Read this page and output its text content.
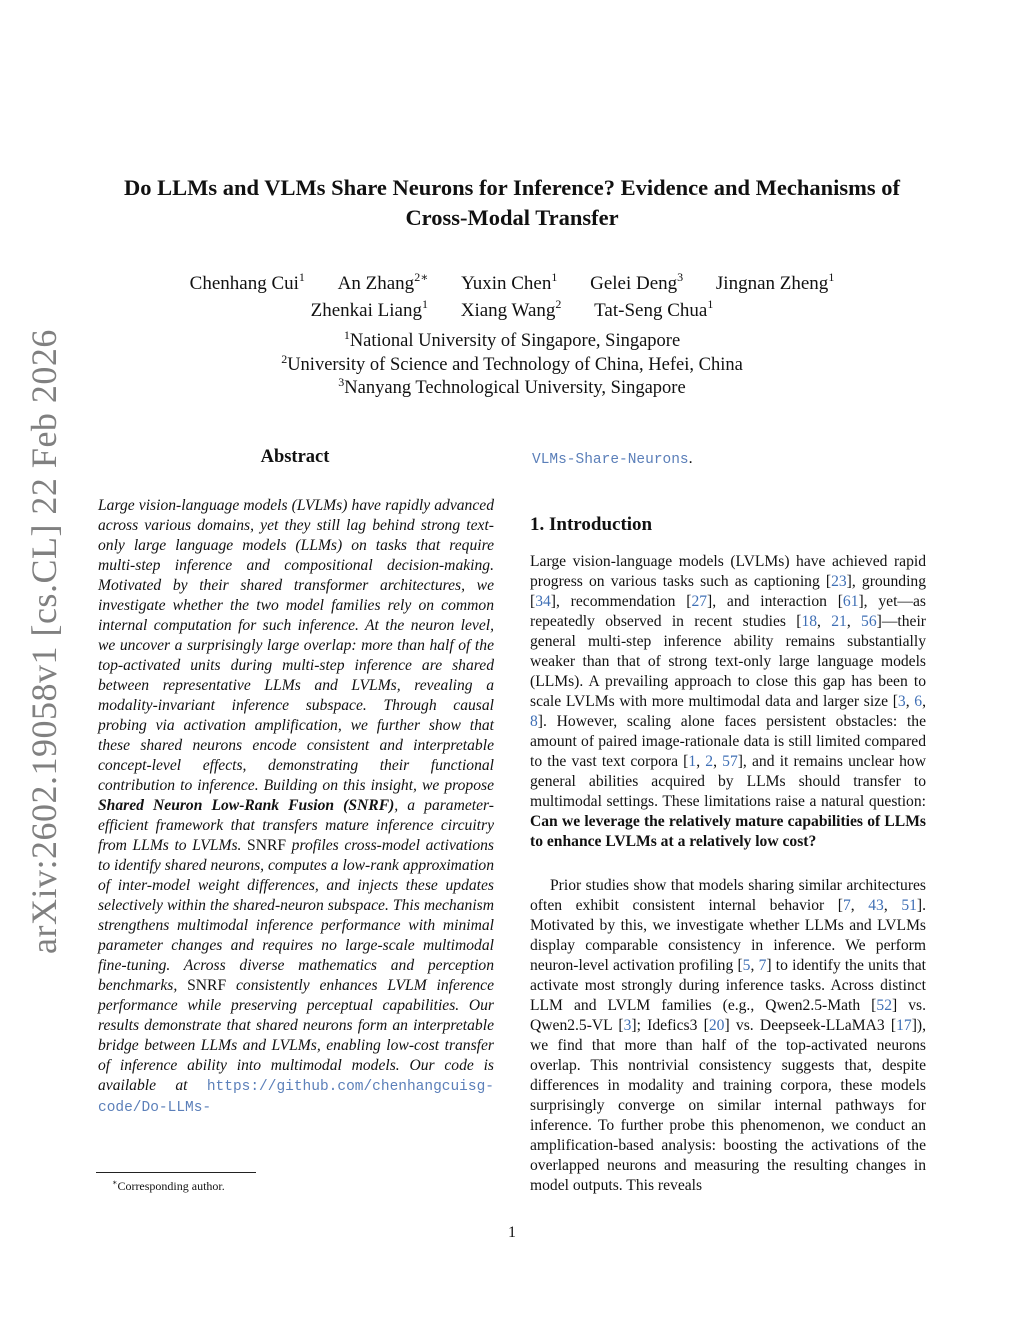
arXiv:2602.19058v1 [cs.CL] 22 Feb 2026
Do LLMs and VLMs Share Neurons for Inference? Evidence and Mechanisms of
Cross-Modal Transfer
Chenhang Cui$^1$ An Zhang$^{2∗}$ Yuxin Chen$^1$ Gelei Deng$^3$ Jingnan Zheng$^1$
Zhenkai Liang$^1$ Xiang Wang$^2$ Tat-Seng Chua$^1$
$^1$National University of Singapore, Singapore
$^2$University of Science and Technology of China, Hefei, China
$^3$Nanyang Technological University, Singapore
Abstract
Large vision-language models (LVLMs) have rapidly advanced across various domains, yet they still lag behind strong text-only large language models (LLMs) on tasks that require multi-step inference and compositional decision-making. Motivated by their shared transformer architectures, we investigate whether the two model families rely on common internal computation for such inference. At the neuron level, we uncover a surprisingly large overlap: more than half of the top-activated units during multi-step inference are shared between representative LLMs and LVLMs, revealing a modality-invariant inference subspace. Through causal probing via activation amplification, we further show that these shared neurons encode consistent and interpretable concept-level effects, demonstrating their functional contribution to inference. Building on this insight, we propose Shared Neuron Low-Rank Fusion (SNRF), a parameter-efficient framework that transfers mature inference circuitry from LLMs to LVLMs. SNRF profiles cross-model activations to identify shared neurons, computes a low-rank approximation of inter-model weight differences, and injects these updates selectively within the shared-neuron subspace. This mechanism strengthens multimodal inference performance with minimal parameter changes and requires no large-scale multimodal fine-tuning. Across diverse mathematics and perception benchmarks, SNRF consistently enhances LVLM inference performance while preserving perceptual capabilities. Our results demonstrate that shared neurons form an interpretable bridge between LLMs and LVLMs, enabling low-cost transfer of inference ability into multimodal models. Our code is available at https://github.com/chenhangcuisg-code/Do-LLMs-
∗Corresponding author.
VLMs-Share-Neurons.
1. Introduction
Large vision-language models (LVLMs) have achieved rapid progress on various tasks such as captioning [23], grounding [34], recommendation [27], and interaction [61], yet—as repeatedly observed in recent studies [18, 21, 56]—their general multi-step inference ability remains substantially weaker than that of strong text-only large language models (LLMs). A prevailing approach to close this gap has been to scale LVLMs with more multimodal data and larger size [3, 6, 8]. However, scaling alone faces persistent obstacles: the amount of paired image-rationale data is still limited compared to the vast text corpora [1, 2, 57], and it remains unclear how general abilities acquired by LLMs should transfer to multimodal settings. These limitations raise a natural question: Can we leverage the relatively mature capabilities of LLMs to enhance LVLMs at a relatively low cost?
Prior studies show that models sharing similar architectures often exhibit consistent internal behavior [7, 43, 51]. Motivated by this, we investigate whether LLMs and LVLMs display comparable consistency in inference. We perform neuron-level activation profiling [5, 7] to identify the units that activate most strongly during inference tasks. Across distinct LLM and LVLM families (e.g., Qwen2.5-Math [52] vs. Qwen2.5-VL [3]; Idefics3 [20] vs. Deepseek-LLaMA3 [17]), we find that more than half of the top-activated neurons overlap. This nontrivial consistency suggests that, despite differences in modality and training corpora, these models surprisingly converge on similar internal pathways for inference. To further probe this phenomenon, we conduct an amplification-based analysis: boosting the activations of the overlapped neurons and measuring the resulting changes in model outputs. This reveals
1
